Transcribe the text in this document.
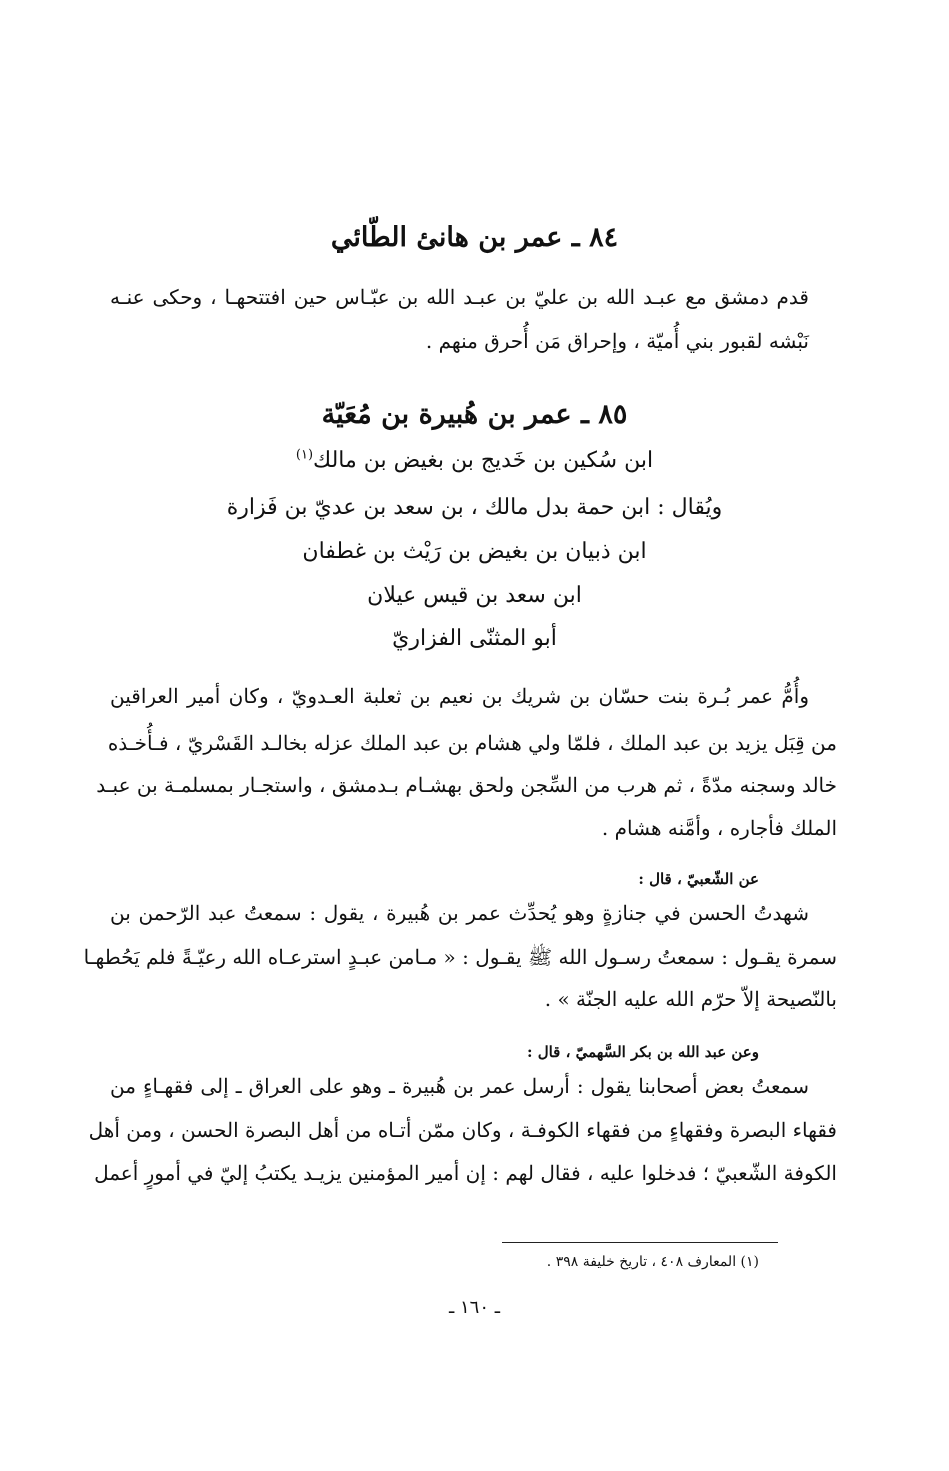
٨٤ ـ عمر بن هانئ الطّائي
قدم دمشق مع عبـد الله بن عليّ بن عبـد الله بن عبّـاس حين افتتحهـا ، وحكى عنـه
نَبْشه لقبور بني أُميّة ، وإحراق مَن أُحرق منهم .
٨٥ ـ عمر بن هُبيرة بن مُعَيّة
ابن سُكين بن خَديج بن بغيض بن مالك$^{(١)}$
ويُقال : ابن حمة بدل مالك ، بن سعد بن عديّ بن فَزارة
ابن ذبيان بن بغيض بن رَيْث بن غطفان
ابن سعد بن قيس عيلان
أبو المثنّى الفزاريّ
وأُمُّ عمر بُـرة بنت حسّان بن شريك بن نعيم بن ثعلبة العـدويّ ، وكان أمير العراقين
من قِبَل يزيد بن عبد الملك ، فلمّا ولي هشام بن عبد الملك عزله بخالـد القَسْريّ ، فـأُخـذه
خالد وسجنه مدّةً ، ثم هرب من السِّجن ولحق بهشـام بـدمشق ، واستجـار بمسلمـة بن عبـد
الملك فأجاره ، وأمَّنه هشام .
عن الشّعبيّ ، قال :
شهدتُ الحسن في جنازةٍ وهو يُحدِّث عمر بن هُبيرة ، يقول : سمعتُ عبد الرّحمن بن
سمرة يقـول : سمعتُ رسـول الله ﷺ يقـول : « مـامن عبـدٍ استرعـاه الله رعيّـةً فلم يَحُطهـا
بالنّصيحة إلاّ حرّم الله عليه الجنّة » .
وعن عبد الله بن بكر السَّهميّ ، قال :
سمعتُ بعض أصحابنا يقول : أرسل عمر بن هُبيرة ـ وهو على العراق ـ إلى فقهـاءٍ من
فقهاء البصرة وفقهاءٍ من فقهاء الكوفـة ، وكان ممّن أتـاه من أهل البصرة الحسن ، ومن أهل
الكوفة الشّعبيّ ؛ فدخلوا عليه ، فقال لهم : إن أمير المؤمنين يزيـد يكتبُ إليّ في أمورٍ أعمل
(١) المعارف ٤٠٨ ، تاريخ خليفة ٣٩٨ .
ـ ١٦٠ ـ
